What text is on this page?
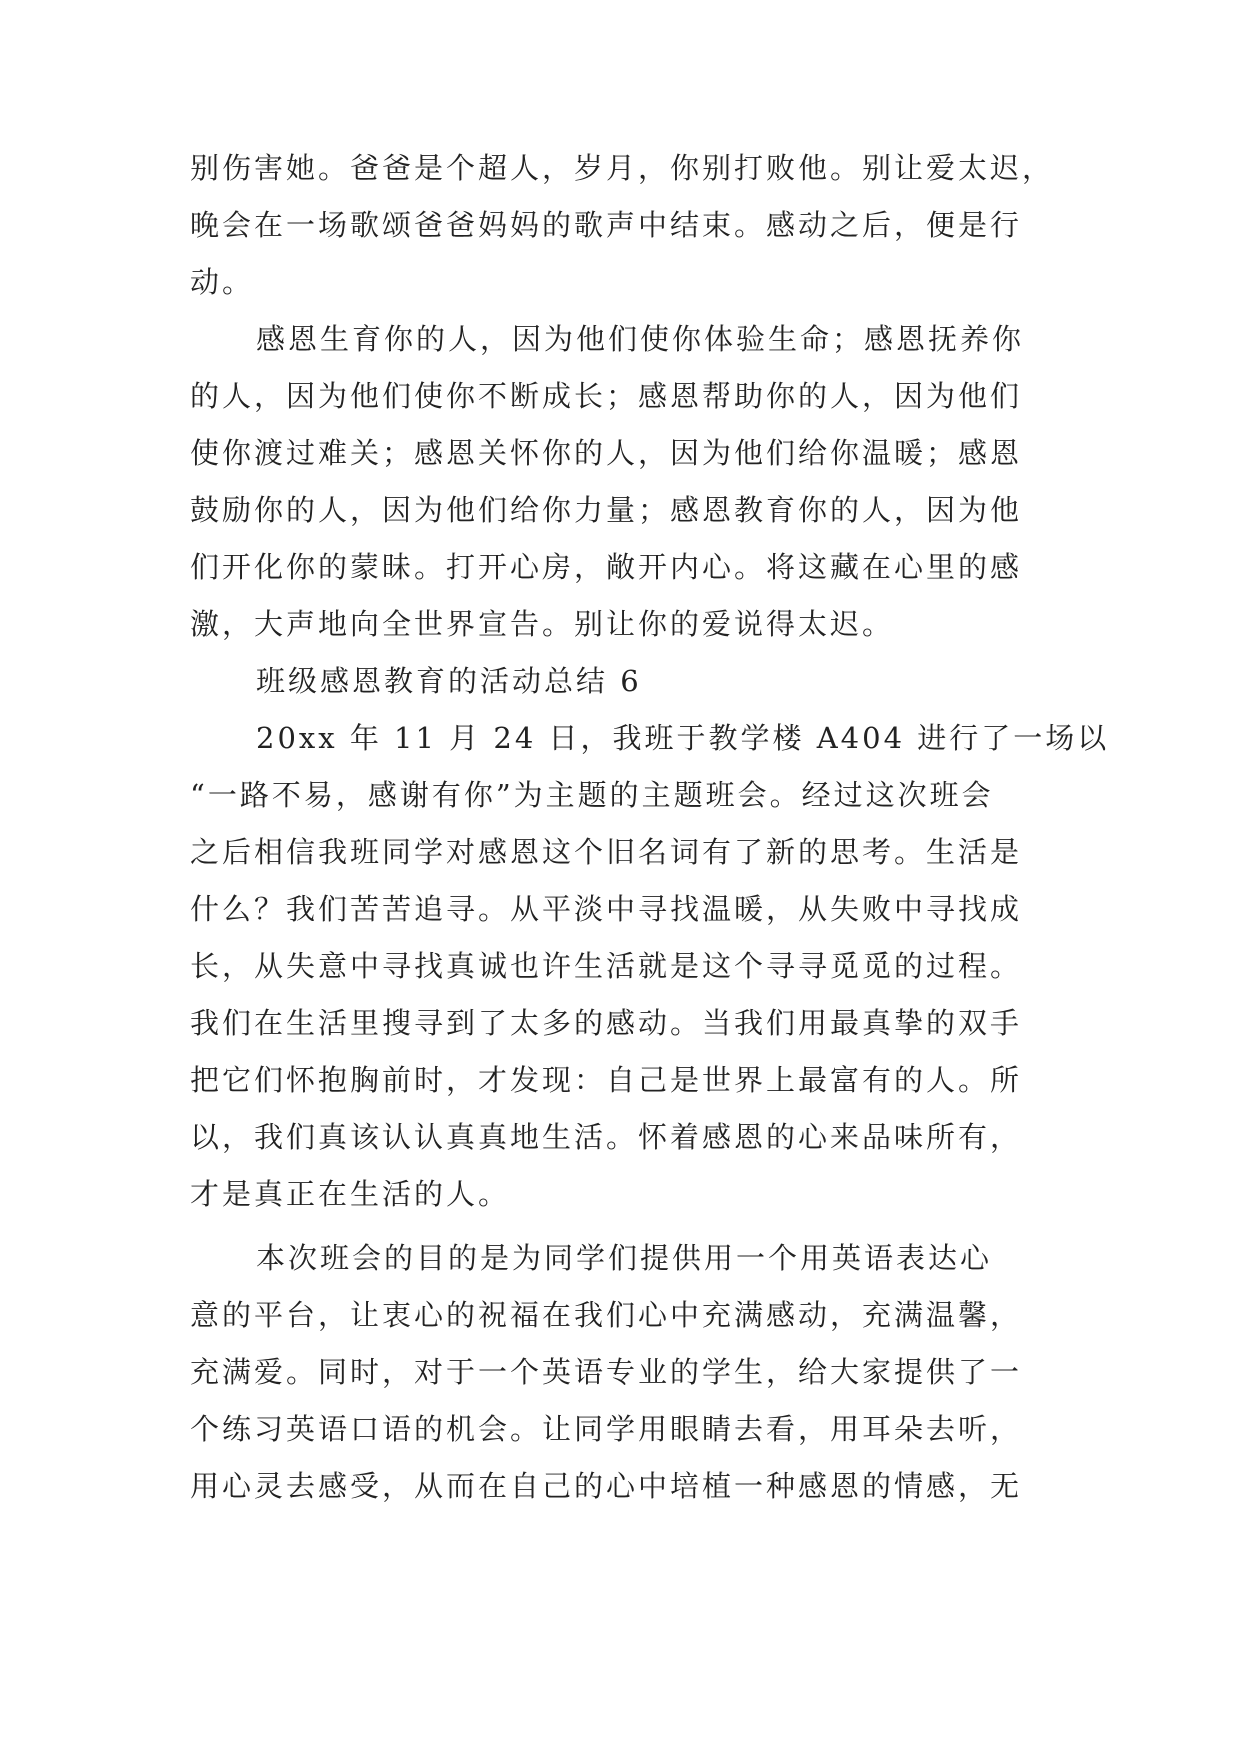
别伤害她。爸爸是个超人，岁月，你别打败他。别让爱太迟，
晚会在一场歌颂爸爸妈妈的歌声中结束。感动之后，便是行
动。
感恩生育你的人，因为他们使你体验生命；感恩抚养你
的人，因为他们使你不断成长；感恩帮助你的人，因为他们
使你渡过难关；感恩关怀你的人，因为他们给你温暖；感恩
鼓励你的人，因为他们给你力量；感恩教育你的人，因为他
们开化你的蒙昧。打开心房，敞开内心。将这藏在心里的感
激，大声地向全世界宣告。别让你的爱说得太迟。
班级感恩教育的活动总结 6
20xx 年 11 月 24 日，我班于教学楼 A404 进行了一场以
“一路不易，感谢有你”为主题的主题班会。经过这次班会
之后相信我班同学对感恩这个旧名词有了新的思考。生活是
什么？我们苦苦追寻。从平淡中寻找温暖，从失败中寻找成
长，从失意中寻找真诚也许生活就是这个寻寻觅觅的过程。
我们在生活里搜寻到了太多的感动。当我们用最真挚的双手
把它们怀抱胸前时，才发现：自己是世界上最富有的人。所
以，我们真该认认真真地生活。怀着感恩的心来品味所有，
才是真正在生活的人。
本次班会的目的是为同学们提供用一个用英语表达心
意的平台，让衷心的祝福在我们心中充满感动，充满温馨，
充满爱。同时，对于一个英语专业的学生，给大家提供了一
个练习英语口语的机会。让同学用眼睛去看，用耳朵去听，
用心灵去感受，从而在自己的心中培植一种感恩的情感，无
